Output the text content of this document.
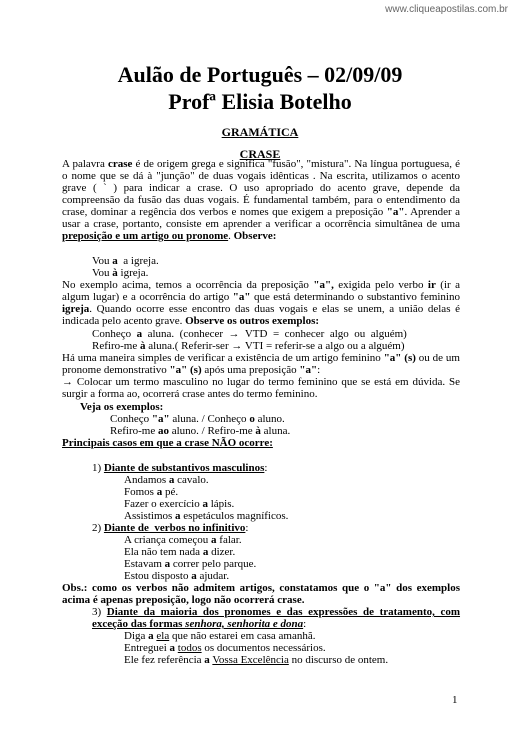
www.cliqueapostilas.com.br
Aulão de Português – 02/09/09
Profª Elisia Botelho
GRAMÁTICA
CRASE
A palavra crase é de origem grega e significa "fusão", "mistura". Na língua portuguesa, é o nome que se dá à "junção" de duas vogais idênticas . Na escrita, utilizamos o acento grave ( ` ) para indicar a crase. O uso apropriado do acento grave, depende da compreensão da fusão das duas vogais. É fundamental também, para o entendimento da crase, dominar a regência dos verbos e nomes que exigem a preposição "a". Aprender a usar a crase, portanto, consiste em aprender a verificar a ocorrência simultânea de uma preposição e um artigo ou pronome. Observe:
Vou a  a igreja.
Vou à igreja.
No exemplo acima, temos a ocorrência da preposição "a", exigida pelo verbo ir (ir a algum lugar) e a ocorrência do artigo "a" que está determinando o substantivo feminino igreja. Quando ocorre esse encontro das duas vogais e elas se unem, a união delas é indicada pelo acento grave. Observe os outros exemplos:
Conheço  a  aluna.  (conhecer  →  VTD  =  conhecer  algo  ou  alguém)
Refiro-me à aluna.( Referir-ser → VTI = referir-se a algo ou a alguém)
Há uma maneira simples de verificar a existência de um artigo feminino "a" (s) ou de um pronome demonstrativo "a" (s) após uma preposição "a":
→ Colocar um termo masculino no lugar do termo feminino que se está em dúvida. Se surgir a forma ao, ocorrerá crase antes do termo feminino.
Veja os exemplos:
Conheço "a" aluna. / Conheço o aluno.
Refiro-me ao aluno. / Refiro-me à aluna.
Principais casos em que a crase NÃO ocorre:
1) Diante de substantivos masculinos:
Andamos a cavalo.
Fomos a pé.
Fazer o exercício a lápis.
Assistimos a espetáculos magníficos.
2) Diante de  verbos no infinitivo:
A criança começou a falar.
Ela não tem nada a dizer.
Estavam a correr pelo parque.
Estou disposto a ajudar.
Obs.: como os verbos não admitem artigos, constatamos que o "a" dos exemplos acima é apenas preposição, logo não ocorrerá crase.
3) Diante da maioria dos pronomes e das expressões de tratamento, com exceção das formas senhora, senhorita e dona:
Diga a ela que não estarei em casa amanhã.
Entreguei a todos os documentos necessários.
Ele fez referência a Vossa Excelência no discurso de ontem.
1
